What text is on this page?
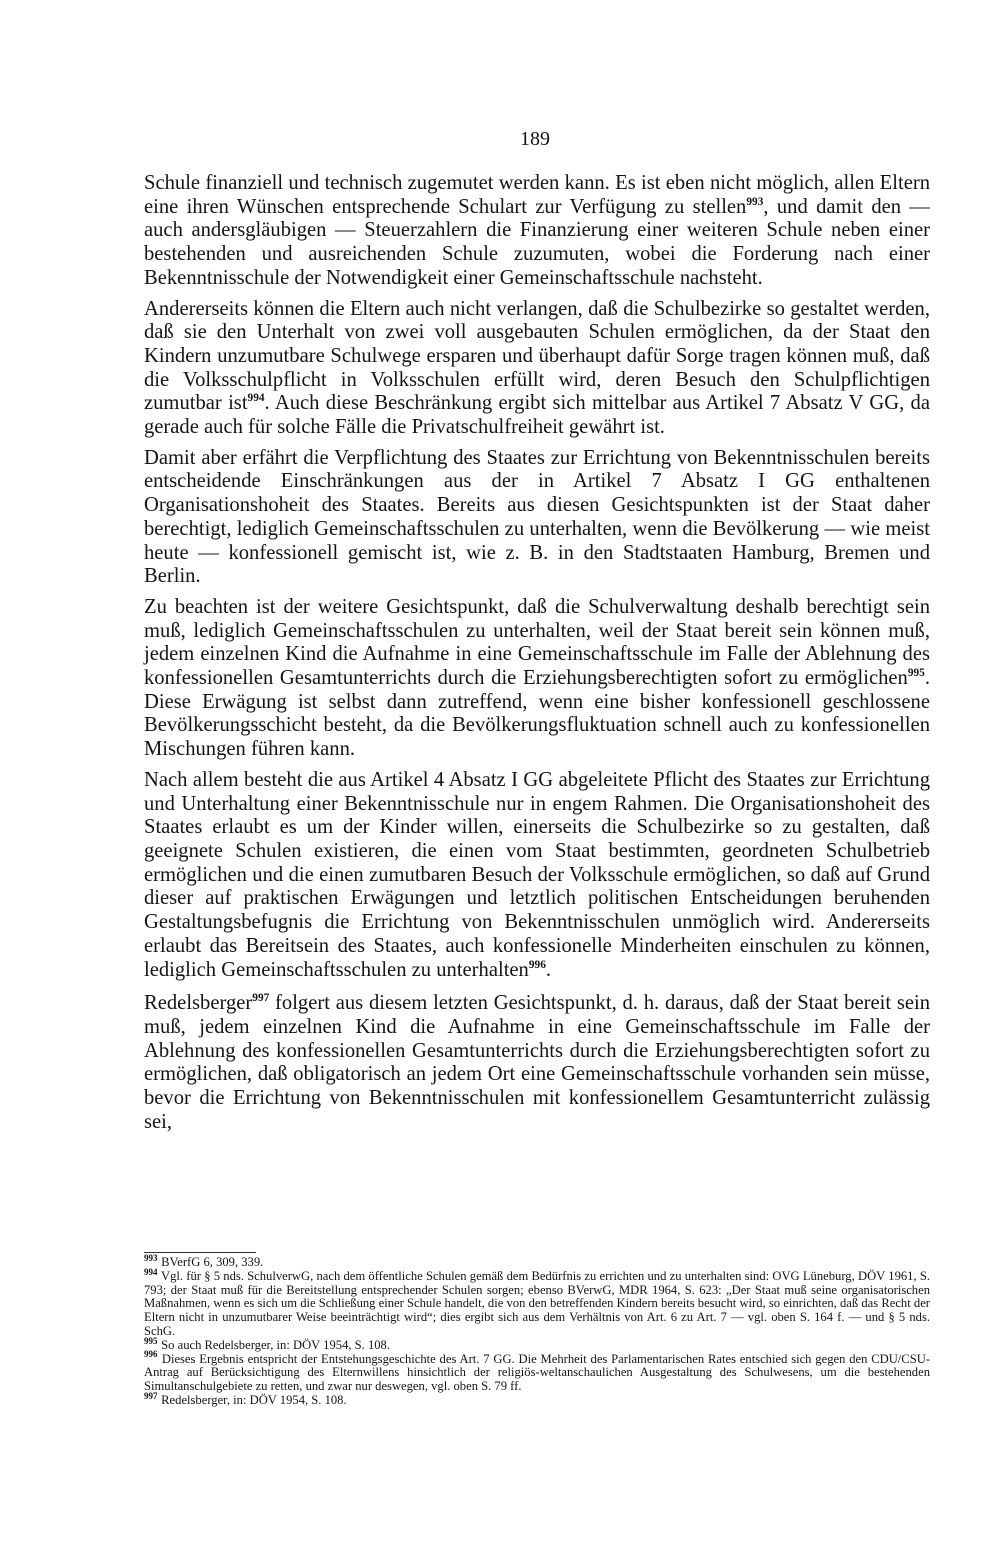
189

Schule finanziell und technisch zugemutet werden kann. Es ist eben nicht möglich, allen Eltern eine ihren Wünschen entsprechende Schulart zur Verfügung zu stellen$^{993}$, und damit den — auch andersgläubigen — Steuerzahlern die Finanzierung einer weiteren Schule neben einer bestehenden und ausreichenden Schule zuzumuten, wobei die Forderung nach einer Bekenntnisschule der Notwendigkeit einer Gemeinschaftsschule nachsteht.

Andererseits können die Eltern auch nicht verlangen, daß die Schulbezirke so gestaltet werden, daß sie den Unterhalt von zwei voll ausgebauten Schulen ermöglichen, da der Staat den Kindern unzumutbare Schulwege ersparen und überhaupt dafür Sorge tragen können muß, daß die Volksschulpflicht in Volksschulen erfüllt wird, deren Besuch den Schulpflichtigen zumutbar ist$^{994}$. Auch diese Beschränkung ergibt sich mittelbar aus Artikel 7 Absatz V GG, da gerade auch für solche Fälle die Privatschulfreiheit gewährt ist.

Damit aber erfährt die Verpflichtung des Staates zur Errichtung von Bekenntnisschulen bereits entscheidende Einschränkungen aus der in Artikel 7 Absatz I GG enthaltenen Organisationshoheit des Staates. Bereits aus diesen Gesichtspunkten ist der Staat daher berechtigt, lediglich Gemeinschaftsschulen zu unterhalten, wenn die Bevölkerung — wie meist heute — konfessionell gemischt ist, wie z. B. in den Stadtstaaten Hamburg, Bremen und Berlin.

Zu beachten ist der weitere Gesichtspunkt, daß die Schulverwaltung deshalb berechtigt sein muß, lediglich Gemeinschaftsschulen zu unterhalten, weil der Staat bereit sein können muß, jedem einzelnen Kind die Aufnahme in eine Gemeinschaftsschule im Falle der Ablehnung des konfessionellen Gesamtunterrichts durch die Erziehungsberechtigten sofort zu ermöglichen$^{995}$. Diese Erwägung ist selbst dann zutreffend, wenn eine bisher konfessionell geschlossene Bevölkerungsschicht besteht, da die Bevölkerungsfluktuation schnell auch zu konfessionellen Mischungen führen kann.

Nach allem besteht die aus Artikel 4 Absatz I GG abgeleitete Pflicht des Staates zur Errichtung und Unterhaltung einer Bekenntnisschule nur in engem Rahmen. Die Organisationshoheit des Staates erlaubt es um der Kinder willen, einerseits die Schulbezirke so zu gestalten, daß geeignete Schulen existieren, die einen vom Staat bestimmten, geordneten Schulbetrieb ermöglichen und die einen zumutbaren Besuch der Volksschule ermöglichen, so daß auf Grund dieser auf praktischen Erwägungen und letztlich politischen Entscheidungen beruhenden Gestaltungsbefugnis die Errichtung von Bekenntnisschulen unmöglich wird. Andererseits erlaubt das Bereitsein des Staates, auch konfessionelle Minderheiten einschulen zu können, lediglich Gemeinschaftsschulen zu unterhalten$^{996}$.

Redelsberger$^{997}$ folgert aus diesem letzten Gesichtspunkt, d. h. daraus, daß der Staat bereit sein muß, jedem einzelnen Kind die Aufnahme in eine Gemeinschaftsschule im Falle der Ablehnung des konfessionellen Gesamtunterrichts durch die Erziehungsberechtigten sofort zu ermöglichen, daß obligatorisch an jedem Ort eine Gemeinschaftsschule vorhanden sein müsse, bevor die Errichtung von Bekenntnisschulen mit konfessionellem Gesamtunterricht zulässig sei,

993 BVerfG 6, 309, 339.

994 Vgl. für § 5 nds. SchulverwG, nach dem öffentliche Schulen gemäß dem Bedürfnis zu errichten und zu unterhalten sind: OVG Lüneburg, DÖV 1961, S. 793; der Staat muß für die Bereitstellung entsprechender Schulen sorgen; ebenso BVerwG, MDR 1964, S. 623: „Der Staat muß seine organisatorischen Maßnahmen, wenn es sich um die Schließung einer Schule handelt, die von den betreffenden Kindern bereits besucht wird, so einrichten, daß das Recht der Eltern nicht in unzumutbarer Weise beeinträchtigt wird“; dies ergibt sich aus dem Verhältnis von Art. 6 zu Art. 7 — vgl. oben S. 164 f. — und § 5 nds. SchG.

995 So auch Redelsberger, in: DÖV 1954, S. 108.

996 Dieses Ergebnis entspricht der Entstehungsgeschichte des Art. 7 GG. Die Mehrheit des Parlamentarischen Rates entschied sich gegen den CDU/CSU-Antrag auf Berücksichtigung des Elternwillens hinsichtlich der religiös-weltanschaulichen Ausgestaltung des Schulwesens, um die bestehenden Simultanschulgebiete zu retten, und zwar nur deswegen, vgl. oben S. 79 ff.

997 Redelsberger, in: DÖV 1954, S. 108.
